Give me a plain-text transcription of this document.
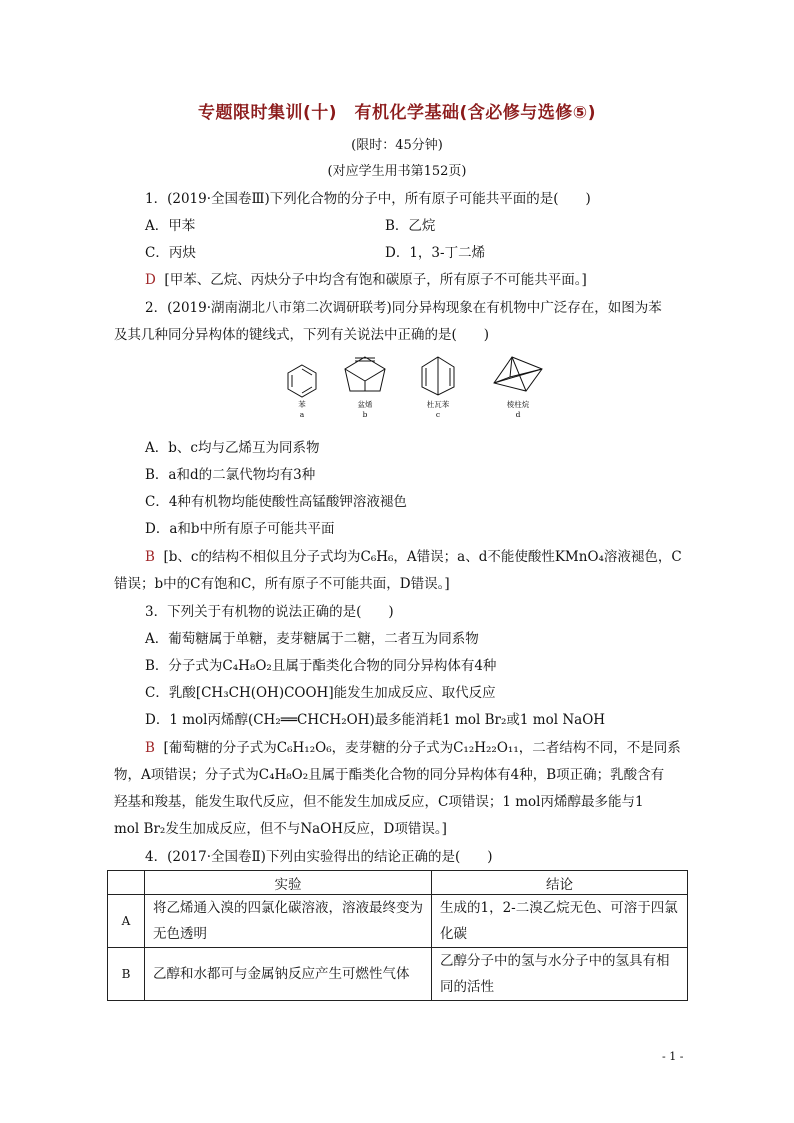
专题限时集训(十)　有机化学基础(含必修与选修⑤)
(限时：45分钟)
(对应学生用书第152页)
1．(2019·全国卷Ⅲ)下列化合物的分子中，所有原子可能共平面的是(　　)
A．甲苯	B．乙烷
C．丙炔	D．1，3-丁二烯
D [甲苯、乙烷、丙炔分子中均含有饱和碳原子，所有原子不可能共平面。]
2．(2019·湖南湖北八市第二次调研联考)同分异构现象在有机物中广泛存在，如图为苯
及其几种同分异构体的键线式，下列有关说法中正确的是(　　)
苯
a
盆烯
b
杜瓦苯
c
棱柱烷
d
A．b、c均与乙烯互为同系物
B．a和d的二氯代物均有3种
C．4种有机物均能使酸性高锰酸钾溶液褪色
D．a和b中所有原子可能共平面
B [b、c的结构不相似且分子式均为C₆H₆，A错误；a、d不能使酸性KMnO₄溶液褪色，C
错误；b中的C有饱和C，所有原子不可能共面，D错误。]
3．下列关于有机物的说法正确的是(　　)
A．葡萄糖属于单糖，麦芽糖属于二糖，二者互为同系物
B．分子式为C₄H₈O₂且属于酯类化合物的同分异构体有4种
C．乳酸[CH₃CH(OH)COOH]能发生加成反应、取代反应
D．1 mol丙烯醇(CH₂══CHCH₂OH)最多能消耗1 mol Br₂或1 mol NaOH
B [葡萄糖的分子式为C₆H₁₂O₆，麦芽糖的分子式为C₁₂H₂₂O₁₁，二者结构不同，不是同系
物，A项错误；分子式为C₄H₈O₂且属于酯类化合物的同分异构体有4种，B项正确；乳酸含有
羟基和羧基，能发生取代反应，但不能发生加成反应，C项错误；1 mol丙烯醇最多能与1
mol Br₂发生加成反应，但不与NaOH反应，D项错误。]
4．(2017·全国卷Ⅱ)下列由实验得出的结论正确的是(　　)
	实验	结论
A	将乙烯通入溴的四氯化碳溶液，溶液最终变为无色透明	生成的1，2-二溴乙烷无色、可溶于四氯化碳
B	乙醇和水都可与金属钠反应产生可燃性气体	乙醇分子中的氢与水分子中的氢具有相同的活性
- 1 -
